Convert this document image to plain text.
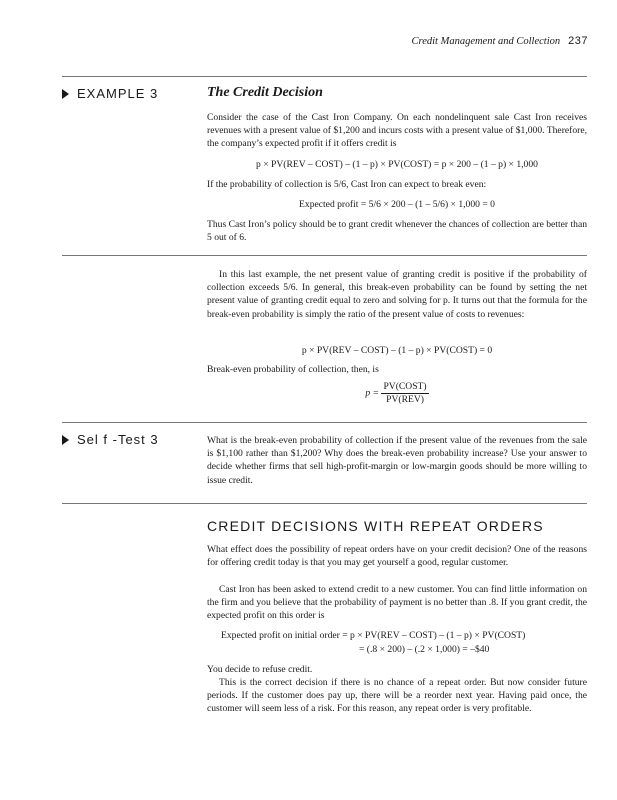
Credit Management and Collection 237
EXAMPLE 3	The Credit Decision

Consider the case of the Cast Iron Company. On each nondelinquent sale Cast Iron receives revenues with a present value of $1,200 and incurs costs with a present value of $1,000. Therefore, the company’s expected profit if it offers credit is

p × PV(REV – COST) – (1 – p) × PV(COST) = p × 200 – (1 – p) × 1,000

If the probability of collection is 5/6, Cast Iron can expect to break even:

Expected profit = 5/6 × 200 – (1 – 5/6) × 1,000 = 0

Thus Cast Iron’s policy should be to grant credit whenever the chances of collection are better than 5 out of 6.

In this last example, the net present value of granting credit is positive if the probability of collection exceeds 5/6. In general, this break-even probability can be found by setting the net present value of granting credit equal to zero and solving for p. It turns out that the formula for the break-even probability is simply the ratio of the present value of costs to revenues:

p × PV(REV – COST) – (1 – p) × PV(COST) = 0

Break-even probability of collection, then, is

$p = \frac{\text{PV(COST)}}{\text{PV(REV)}}$
Sel f -Test 3	What is the break-even probability of collection if the present value of the revenues from the sale is $1,100 rather than $1,200? Why does the break-even probability increase? Use your answer to decide whether firms that sell high-profit-margin or low-margin goods should be more willing to issue credit.

CREDIT DECISIONS WITH REPEAT ORDERS

What effect does the possibility of repeat orders have on your credit decision? One of the reasons for offering credit today is that you may get yourself a good, regular customer.

Cast Iron has been asked to extend credit to a new customer. You can find little information on the firm and you believe that the probability of payment is no better than .8. If you grant credit, the expected profit on this order is

Expected profit on initial order = p × PV(REV – COST) – (1 – p) × PV(COST)
= (.8 × 200) – (.2 × 1,000) = –$40

You decide to refuse credit.

This is the correct decision if there is no chance of a repeat order. But now consider future periods. If the customer does pay up, there will be a reorder next year. Having paid once, the customer will seem less of a risk. For this reason, any repeat order is very profitable.
